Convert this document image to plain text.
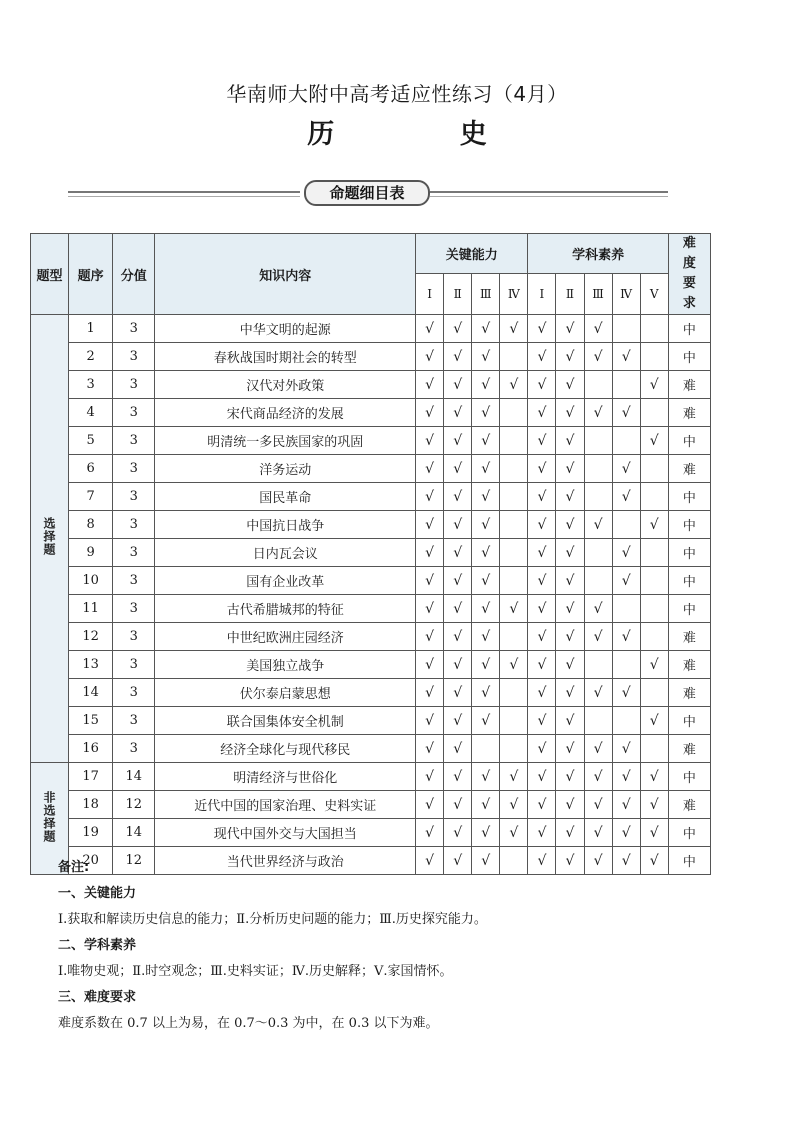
华南师大附中高考适应性练习（4月）
历 史
命题细目表
题型	题序	分值	知识内容	关键能力				学科素养					难度要求
				Ⅰ	Ⅱ	Ⅲ	Ⅳ	Ⅰ	Ⅱ	Ⅲ	Ⅳ	Ⅴ	
选择题	1	3	中华文明的起源	√	√	√	√	√	√	√			中
	2	3	春秋战国时期社会的转型	√	√	√		√	√	√	√		中
	3	3	汉代对外政策	√	√	√	√	√	√			√	难
	4	3	宋代商品经济的发展	√	√	√		√	√	√	√		难
	5	3	明清统一多民族国家的巩固	√	√	√		√	√			√	中
	6	3	洋务运动	√	√	√		√	√		√		难
	7	3	国民革命	√	√	√		√	√		√		中
	8	3	中国抗日战争	√	√	√		√	√	√		√	中
	9	3	日内瓦会议	√	√	√		√	√		√		中
	10	3	国有企业改革	√	√	√		√	√		√		中
	11	3	古代希腊城邦的特征	√	√	√	√	√	√	√			中
	12	3	中世纪欧洲庄园经济	√	√	√		√	√	√	√		难
	13	3	美国独立战争	√	√	√	√	√	√			√	难
	14	3	伏尔泰启蒙思想	√	√	√		√	√	√	√		难
	15	3	联合国集体安全机制	√	√	√		√	√			√	中
	16	3	经济全球化与现代移民	√	√			√	√	√	√		难
非选择题	17	14	明清经济与世俗化	√	√	√	√	√	√	√	√	√	中
	18	12	近代中国的国家治理、史料实证	√	√	√	√	√	√	√	√	√	难
	19	14	现代中国外交与大国担当	√	√	√	√	√	√	√	√	√	中
	20	12	当代世界经济与政治	√	√	√		√	√	√	√	√	中
备注:
一、关键能力
Ⅰ.获取和解读历史信息的能力；Ⅱ.分析历史问题的能力；Ⅲ.历史探究能力。
二、学科素养
Ⅰ.唯物史观；Ⅱ.时空观念；Ⅲ.史料实证；Ⅳ.历史解释；Ⅴ.家国情怀。
三、难度要求
难度系数在 0.7 以上为易，在 0.7～0.3 为中，在 0.3 以下为难。
